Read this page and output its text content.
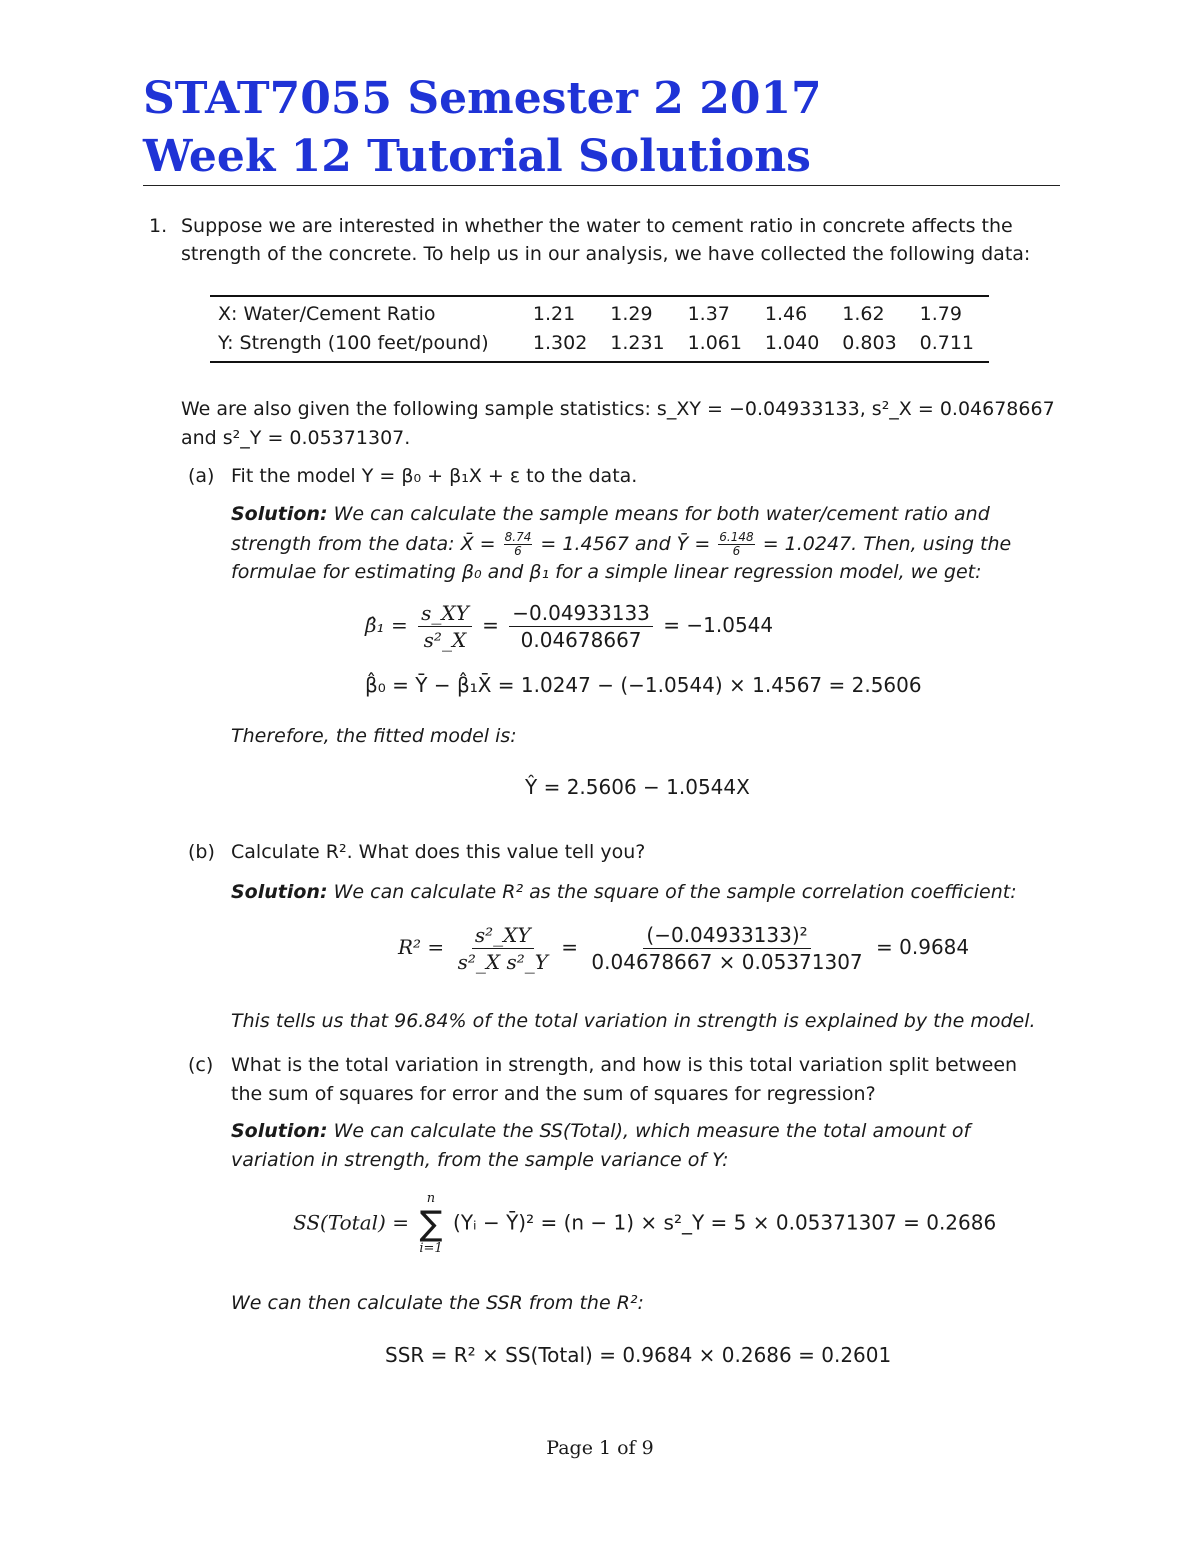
STAT7055 Semester 2 2017
Week 12 Tutorial Solutions
1. Suppose we are interested in whether the water to cement ratio in concrete affects the
strength of the concrete. To help us in our analysis, we have collected the following data:
X: Water/Cement Ratio	1.21	1.29	1.37	1.46	1.62	1.79
Y: Strength (100 feet/pound)	1.302	1.231	1.061	1.040	0.803	0.711
We are also given the following sample statistics: s_XY = −0.04933133, s²_X = 0.04678667
and s²_Y = 0.05371307.
(a) Fit the model Y = β₀ + β₁X + ε to the data.
Solution: We can calculate the sample means for both water/cement ratio and
strength from the data: X̄ = $\frac{8.74}{6} = 1.4567$ and Ȳ = $\frac{6.148}{6} = 1.0247$. Then, using the
formulae for estimating β₀ and β₁ for a simple linear regression model, we get:
β̂₁ = $\frac{s\_XY}{\text{s²\_X}} = \frac{-0.04933133}{0.04678667} = -1.0544$
β̂₀ = Ȳ − β̂₁X̄ = 1.0247 − (−1.0544) × 1.4567 = 2.5606
Therefore, the fitted model is:
Ŷ = 2.5606 − 1.0544X
(b) Calculate R². What does this value tell you?
Solution: We can calculate R² as the square of the sample correlation coefficient:
$R^2 = \frac{\text{s²\_XY}}{\text{s²\_X s²\_Y}} = \frac{\text{(−0.04933133)²}}{0.04678667 \times 0.05371307} = 0.9684$
This tells us that 96.84% of the total variation in strength is explained by the model.
(c) What is the total variation in strength, and how is this total variation split between
the sum of squares for error and the sum of squares for regression?
Solution: We can calculate the SS(Total), which measure the total amount of
variation in strength, from the sample variance of Y:
SS(Total) =
n
∑
i=1
(Yᵢ − Ȳ)² = (n − 1) × s²_Y = 5 × 0.05371307 = 0.2686
We can then calculate the SSR from the R²:
SSR = R² × SS(Total) = 0.9684 × 0.2686 = 0.2601
Page 1 of 9
